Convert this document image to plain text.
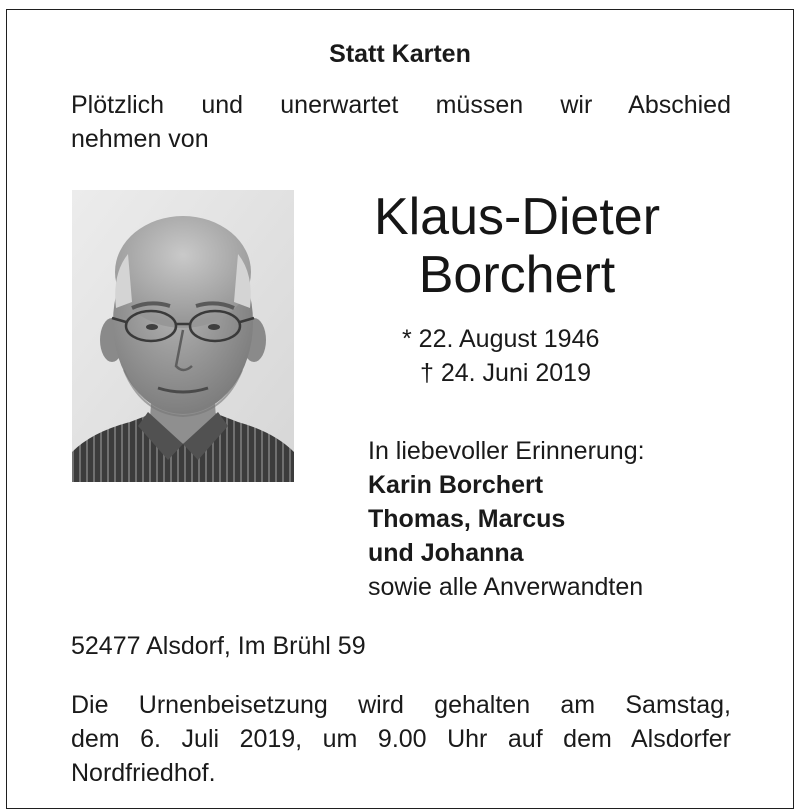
Statt Karten
Plötzlich und unerwartet müssen wir Abschied
nehmen von
Klaus-Dieter
Borchert
* 22. August 1946
† 24. Juni 2019
In liebevoller Erinnerung:
Karin Borchert
Thomas, Marcus
und Johanna
sowie alle Anverwandten
52477 Alsdorf, Im Brühl 59
Die Urnenbeisetzung wird gehalten am Samstag,
dem 6. Juli 2019, um 9.00 Uhr auf dem Alsdorfer
Nordfriedhof.
